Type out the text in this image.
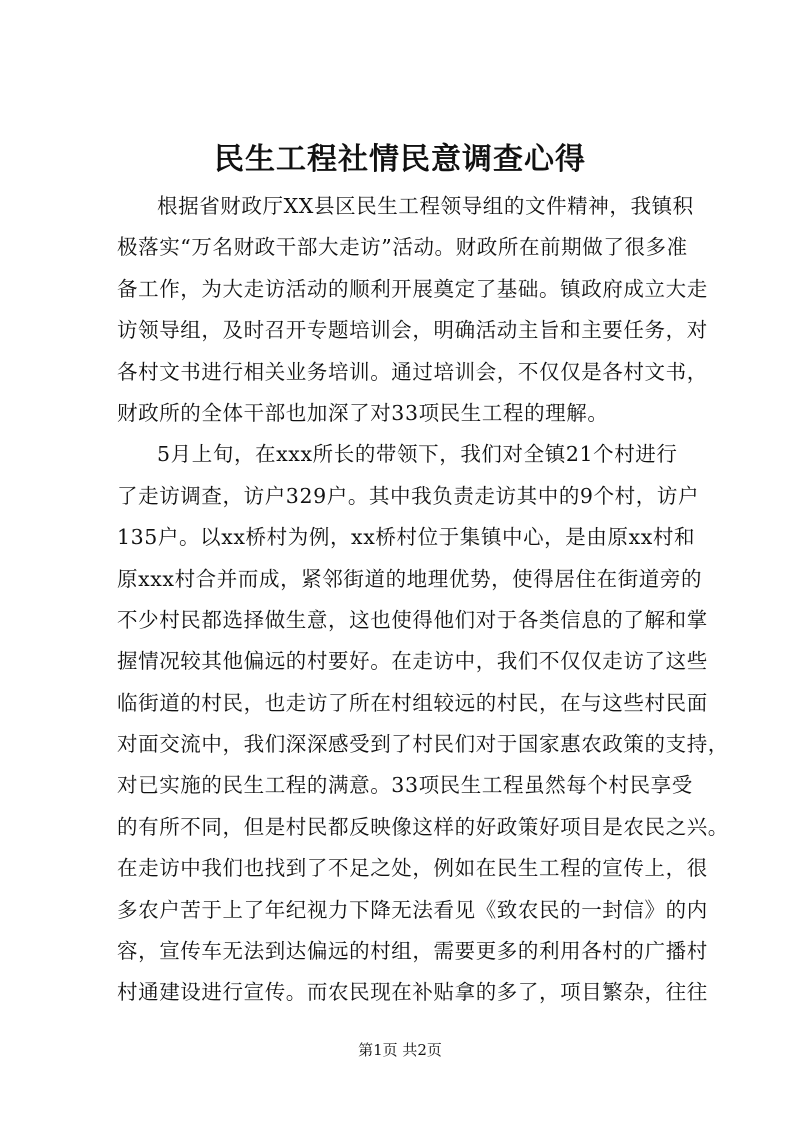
民生工程社情民意调查心得
根据省财政厅XX县区民生工程领导组的文件精神，我镇积
极落实“万名财政干部大走访”活动。财政所在前期做了很多准
备工作，为大走访活动的顺利开展奠定了基础。镇政府成立大走
访领导组，及时召开专题培训会，明确活动主旨和主要任务，对
各村文书进行相关业务培训。通过培训会，不仅仅是各村文书，
财政所的全体干部也加深了对33项民生工程的理解。
5月上旬，在xxx所长的带领下，我们对全镇21个村进行
了走访调查，访户329户。其中我负责走访其中的9个村，访户
135户。以xx桥村为例，xx桥村位于集镇中心，是由原xx村和
原xxx村合并而成，紧邻街道的地理优势，使得居住在街道旁的
不少村民都选择做生意，这也使得他们对于各类信息的了解和掌
握情况较其他偏远的村要好。在走访中，我们不仅仅走访了这些
临街道的村民，也走访了所在村组较远的村民，在与这些村民面
对面交流中，我们深深感受到了村民们对于国家惠农政策的支持，
对已实施的民生工程的满意。33项民生工程虽然每个村民享受
的有所不同，但是村民都反映像这样的好政策好项目是农民之兴。
在走访中我们也找到了不足之处，例如在民生工程的宣传上，很
多农户苦于上了年纪视力下降无法看见《致农民的一封信》的内
容，宣传车无法到达偏远的村组，需要更多的利用各村的广播村
村通建设进行宣传。而农民现在补贴拿的多了，项目繁杂，往往
第1页 共2页
